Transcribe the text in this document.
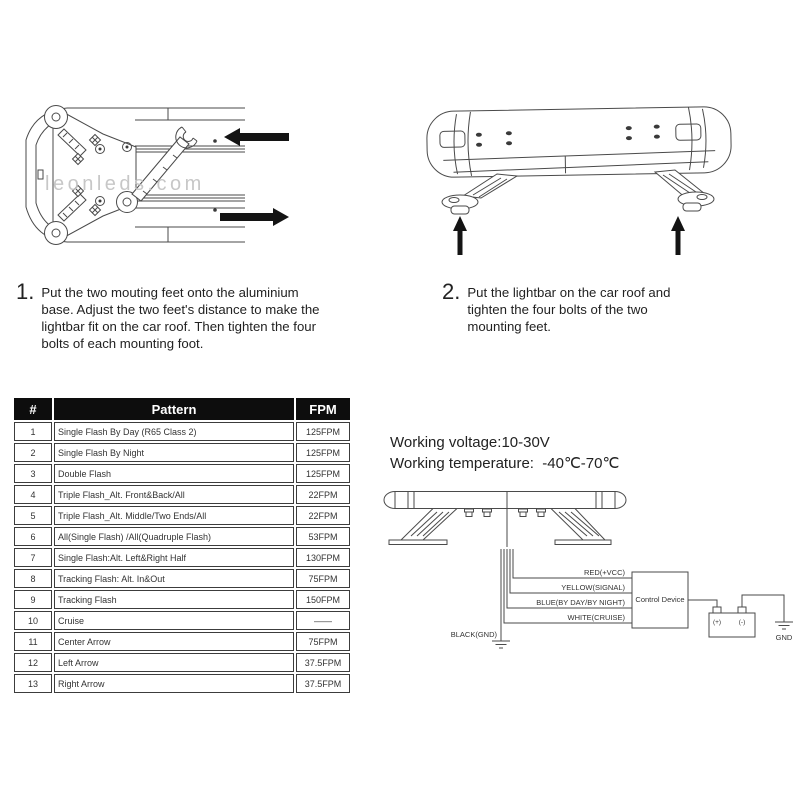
leonleds.com
1. Put the two mouting feet onto the aluminium base. Adjust the two feet's distance to make the lightbar fit on the car roof. Then tighten the four bolts of each mounting foot.
2. Put the lightbar on the car roof and tighten the four bolts of the two mounting feet.
#	Pattern	FPM
1	Single Flash By Day (R65 Class 2)	125FPM
2	Single Flash By Night	125FPM
3	Double Flash	125FPM
4	Triple Flash_Alt. Front&Back/All	22FPM
5	Triple Flash_Alt. Middle/Two Ends/All	22FPM
6	All(Single Flash) /All(Quadruple Flash)	53FPM
7	Single Flash:Alt. Left&Right Half	130FPM
8	Tracking Flash: Alt. In&Out	75FPM
9	Tracking Flash	150FPM
10	Cruise	——
11	Center Arrow	75FPM
12	Left Arrow	37.5FPM
13	Right Arrow	37.5FPM
Working voltage:10-30V
Working temperature:  -40℃-70℃
RED(+VCC)
YELLOW(SIGNAL)
BLUE(BY DAY/BY NIGHT)
WHITE(CRUISE)
BLACK(GND)
Control Device
(+)	(-)
GND
